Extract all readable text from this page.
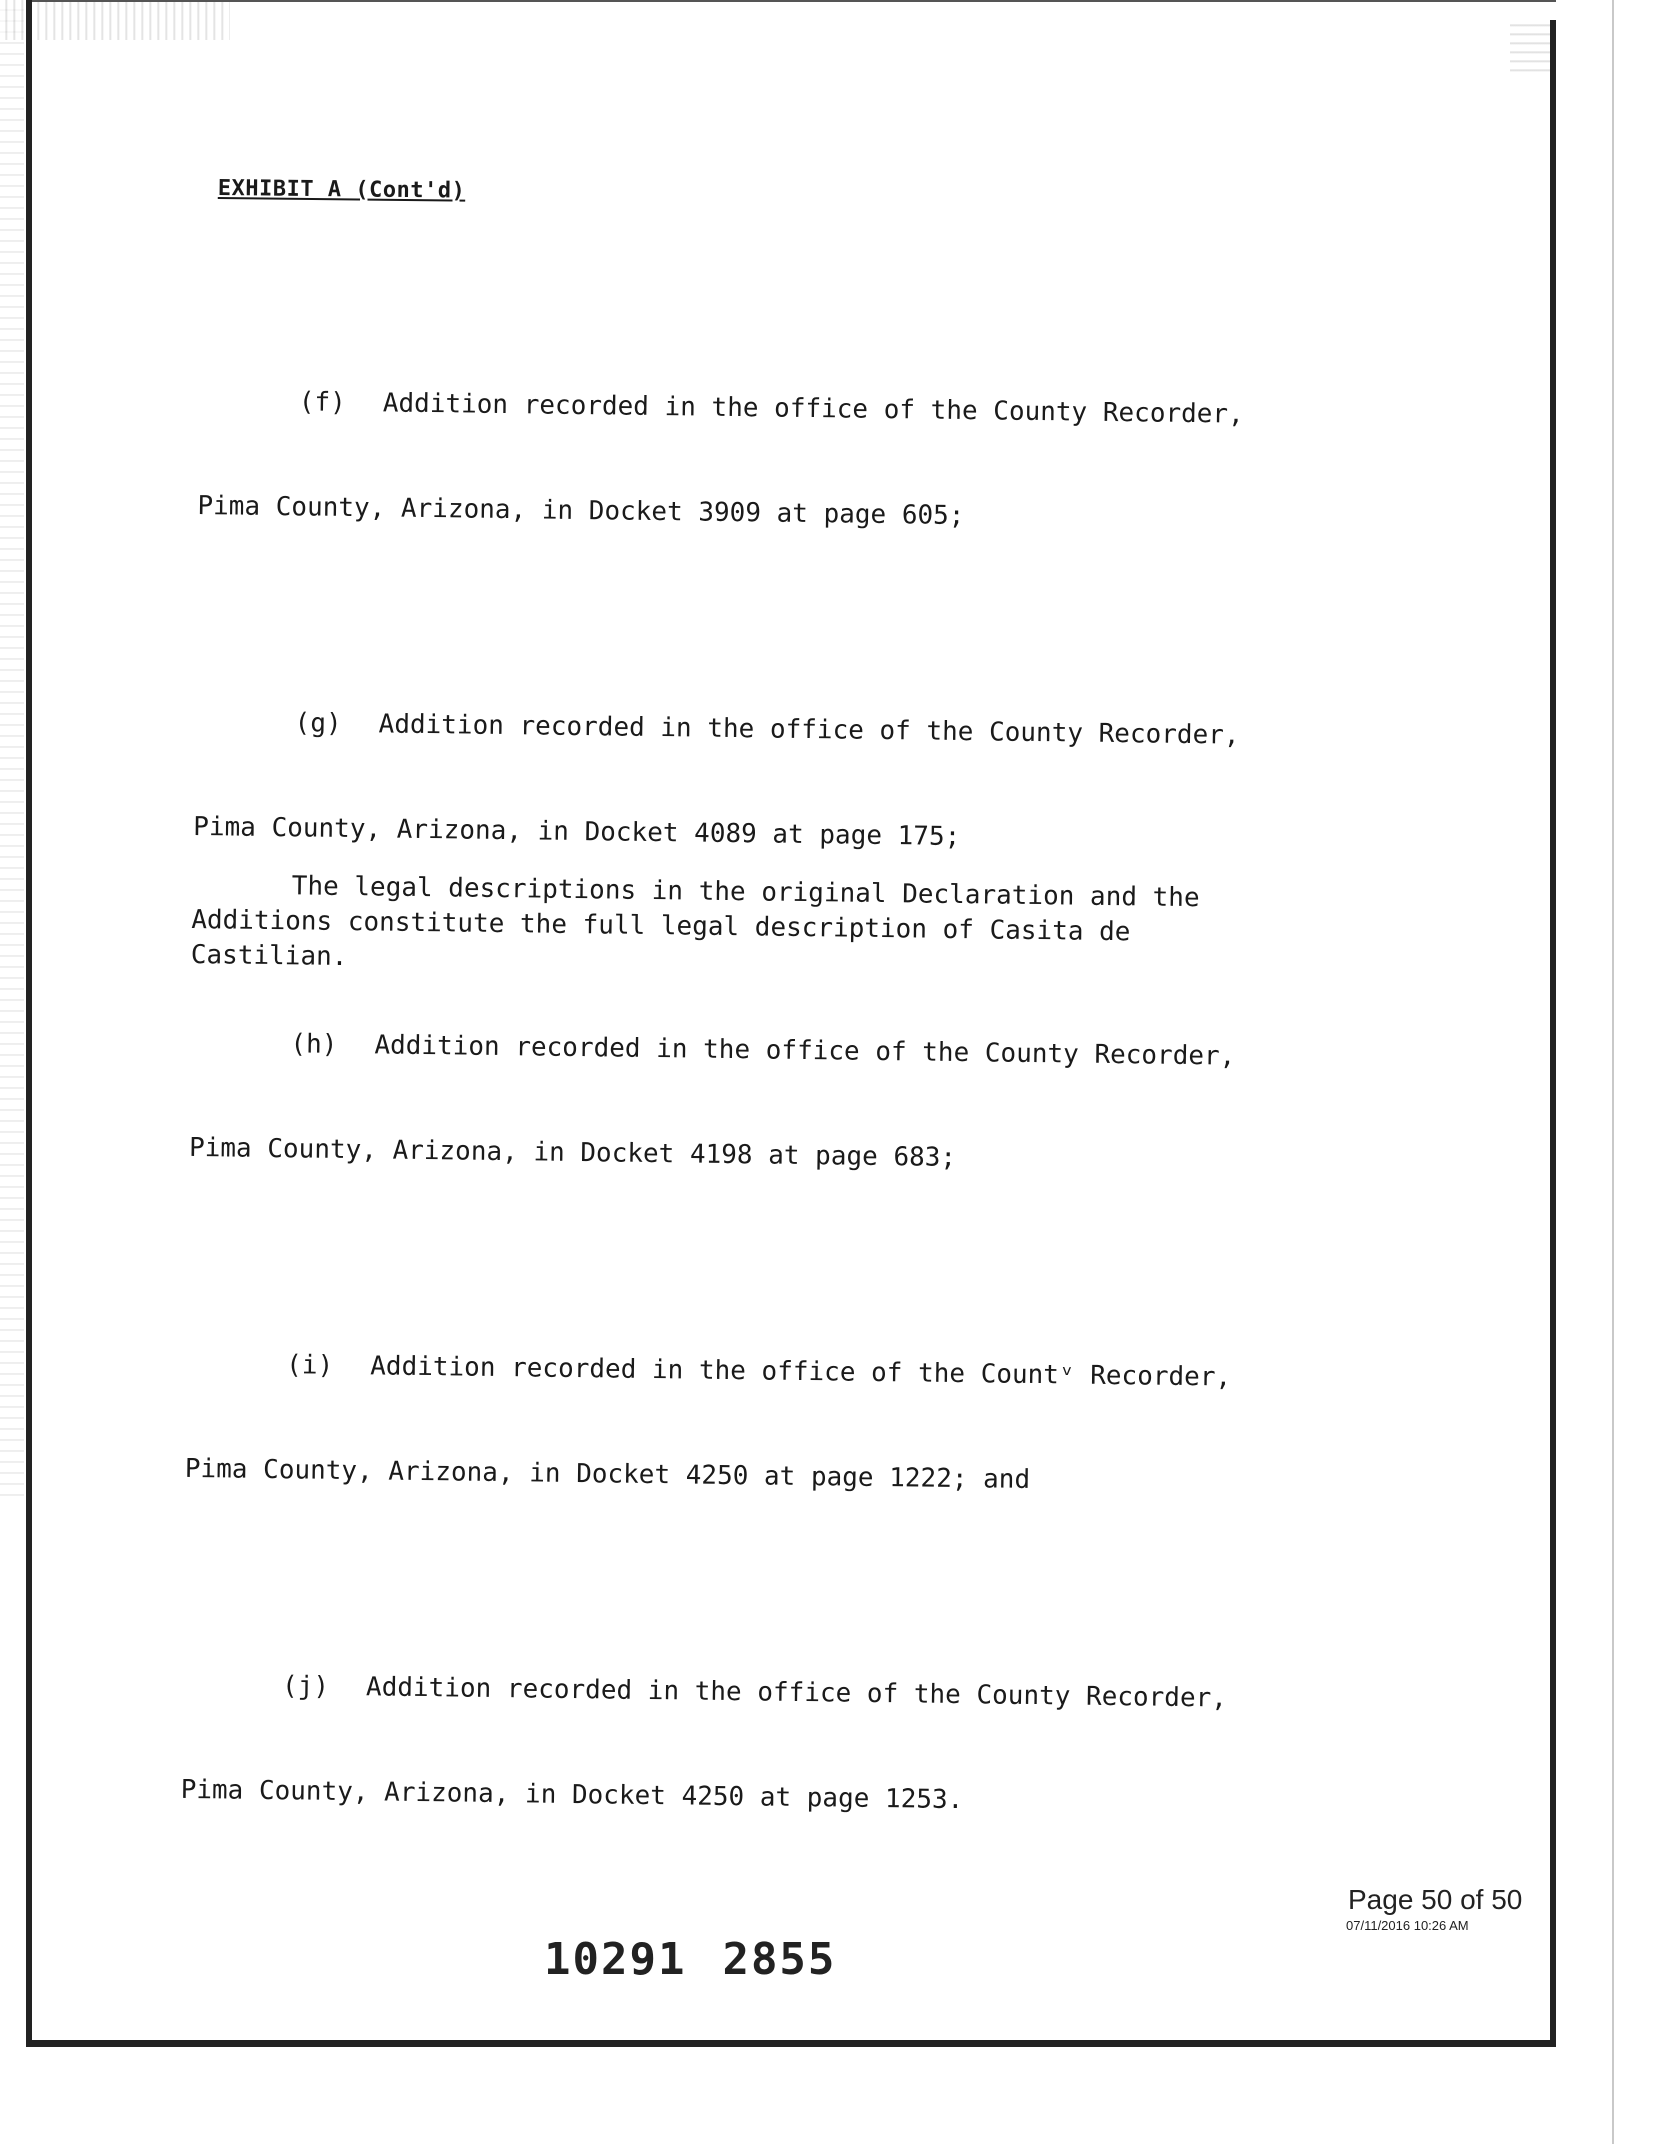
EXHIBIT A (Cont'd)

(f) Addition recorded in the office of the County Recorder,

Pima County, Arizona, in Docket 3909 at page 605;

(g) Addition recorded in the office of the County Recorder,

Pima County, Arizona, in Docket 4089 at page 175;

(h) Addition recorded in the office of the County Recorder,

Pima County, Arizona, in Docket 4198 at page 683;

(i) Addition recorded in the office of the Countᵛ Recorder,

Pima County, Arizona, in Docket 4250 at page 1222; and

(j) Addition recorded in the office of the County Recorder,

Pima County, Arizona, in Docket 4250 at page 1253.

The legal descriptions in the original Declaration and the
Additions constitute the full legal description of Casita de
Castilian.
Page 50 of 50
07/11/2016 10:26 AM
10291 2855
